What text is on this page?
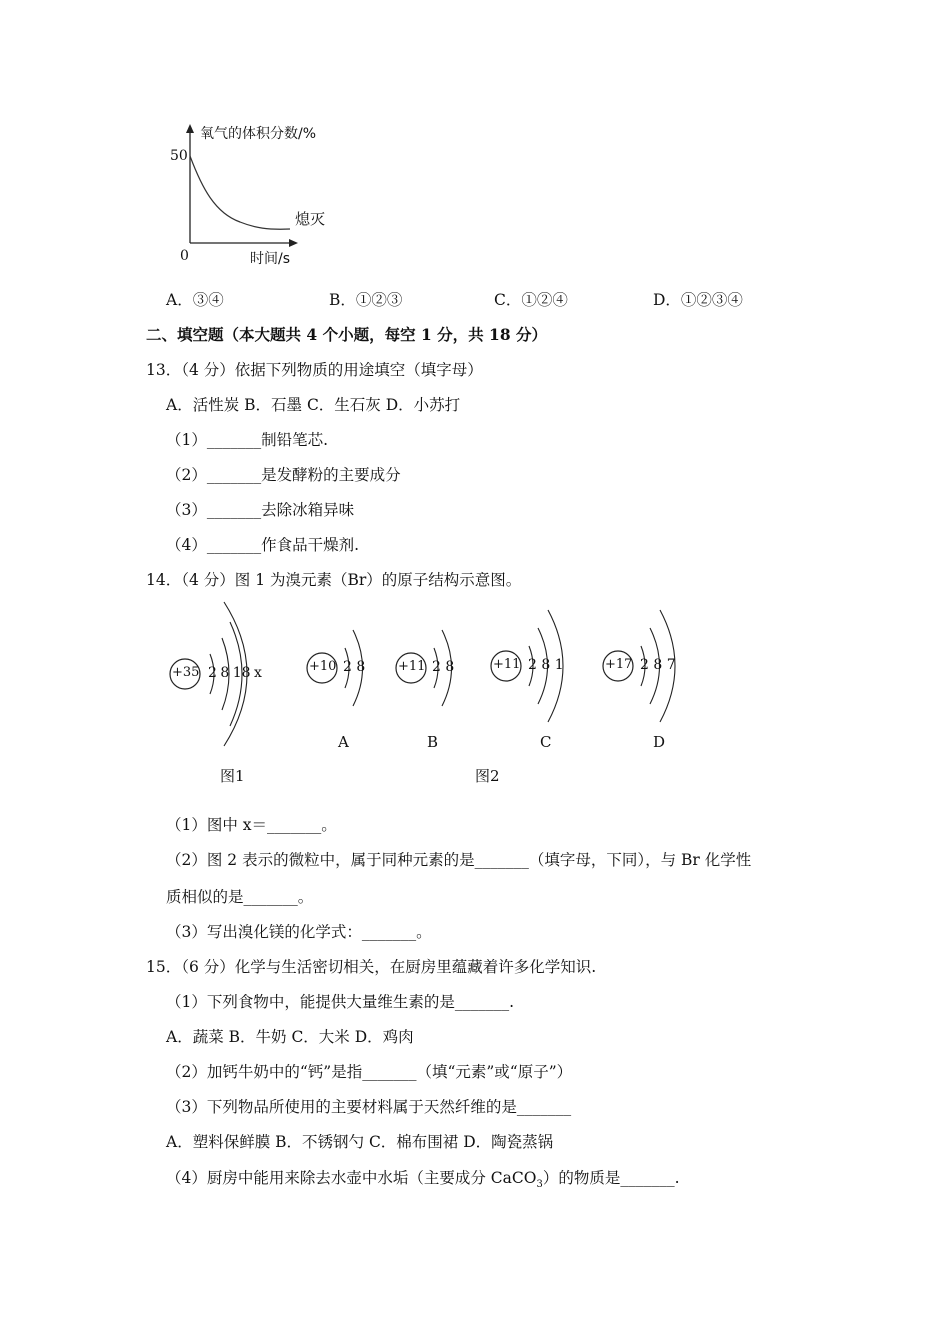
氧气的体积分数/%
50
0	时间/s
熄灭
A．③④	B．①②③	C．①②④	D．①②③④
二、填空题（本大题共 4 个小题，每空 1 分，共 18 分）
13．（4 分）依据下列物质的用途填空（填字母）
A．活性炭 B．石墨 C．生石灰 D．小苏打
（1）_______制铅笔芯.
（2）_______是发酵粉的主要成分
（3）_______去除冰箱异味
（4）_______作食品干燥剂.
14．（4 分）图 1 为溴元素（Br）的原子结构示意图。
+35 2 8 18 x	+10 2 8	+11 2 8	+11 2 8 1	+17 2 8 7
A	B	C	D
图1	图2
（1）图中 x＝_______。
（2）图 2 表示的微粒中，属于同种元素的是_______（填字母，下同），与 Br 化学性
质相似的是_______。
（3）写出溴化镁的化学式：_______。
15．（6 分）化学与生活密切相关，在厨房里蕴藏着许多化学知识.
（1）下列食物中，能提供大量维生素的是_______.
A．蔬菜 B．牛奶 C．大米 D．鸡肉
（2）加钙牛奶中的“钙”是指_______（填“元素”或“原子”）
（3）下列物品所使用的主要材料属于天然纤维的是_______
A．塑料保鲜膜 B．不锈钢勺 C．棉布围裙 D．陶瓷蒸锅
（4）厨房中能用来除去水壶中水垢（主要成分 CaCO$_3$）的物质是_______.
